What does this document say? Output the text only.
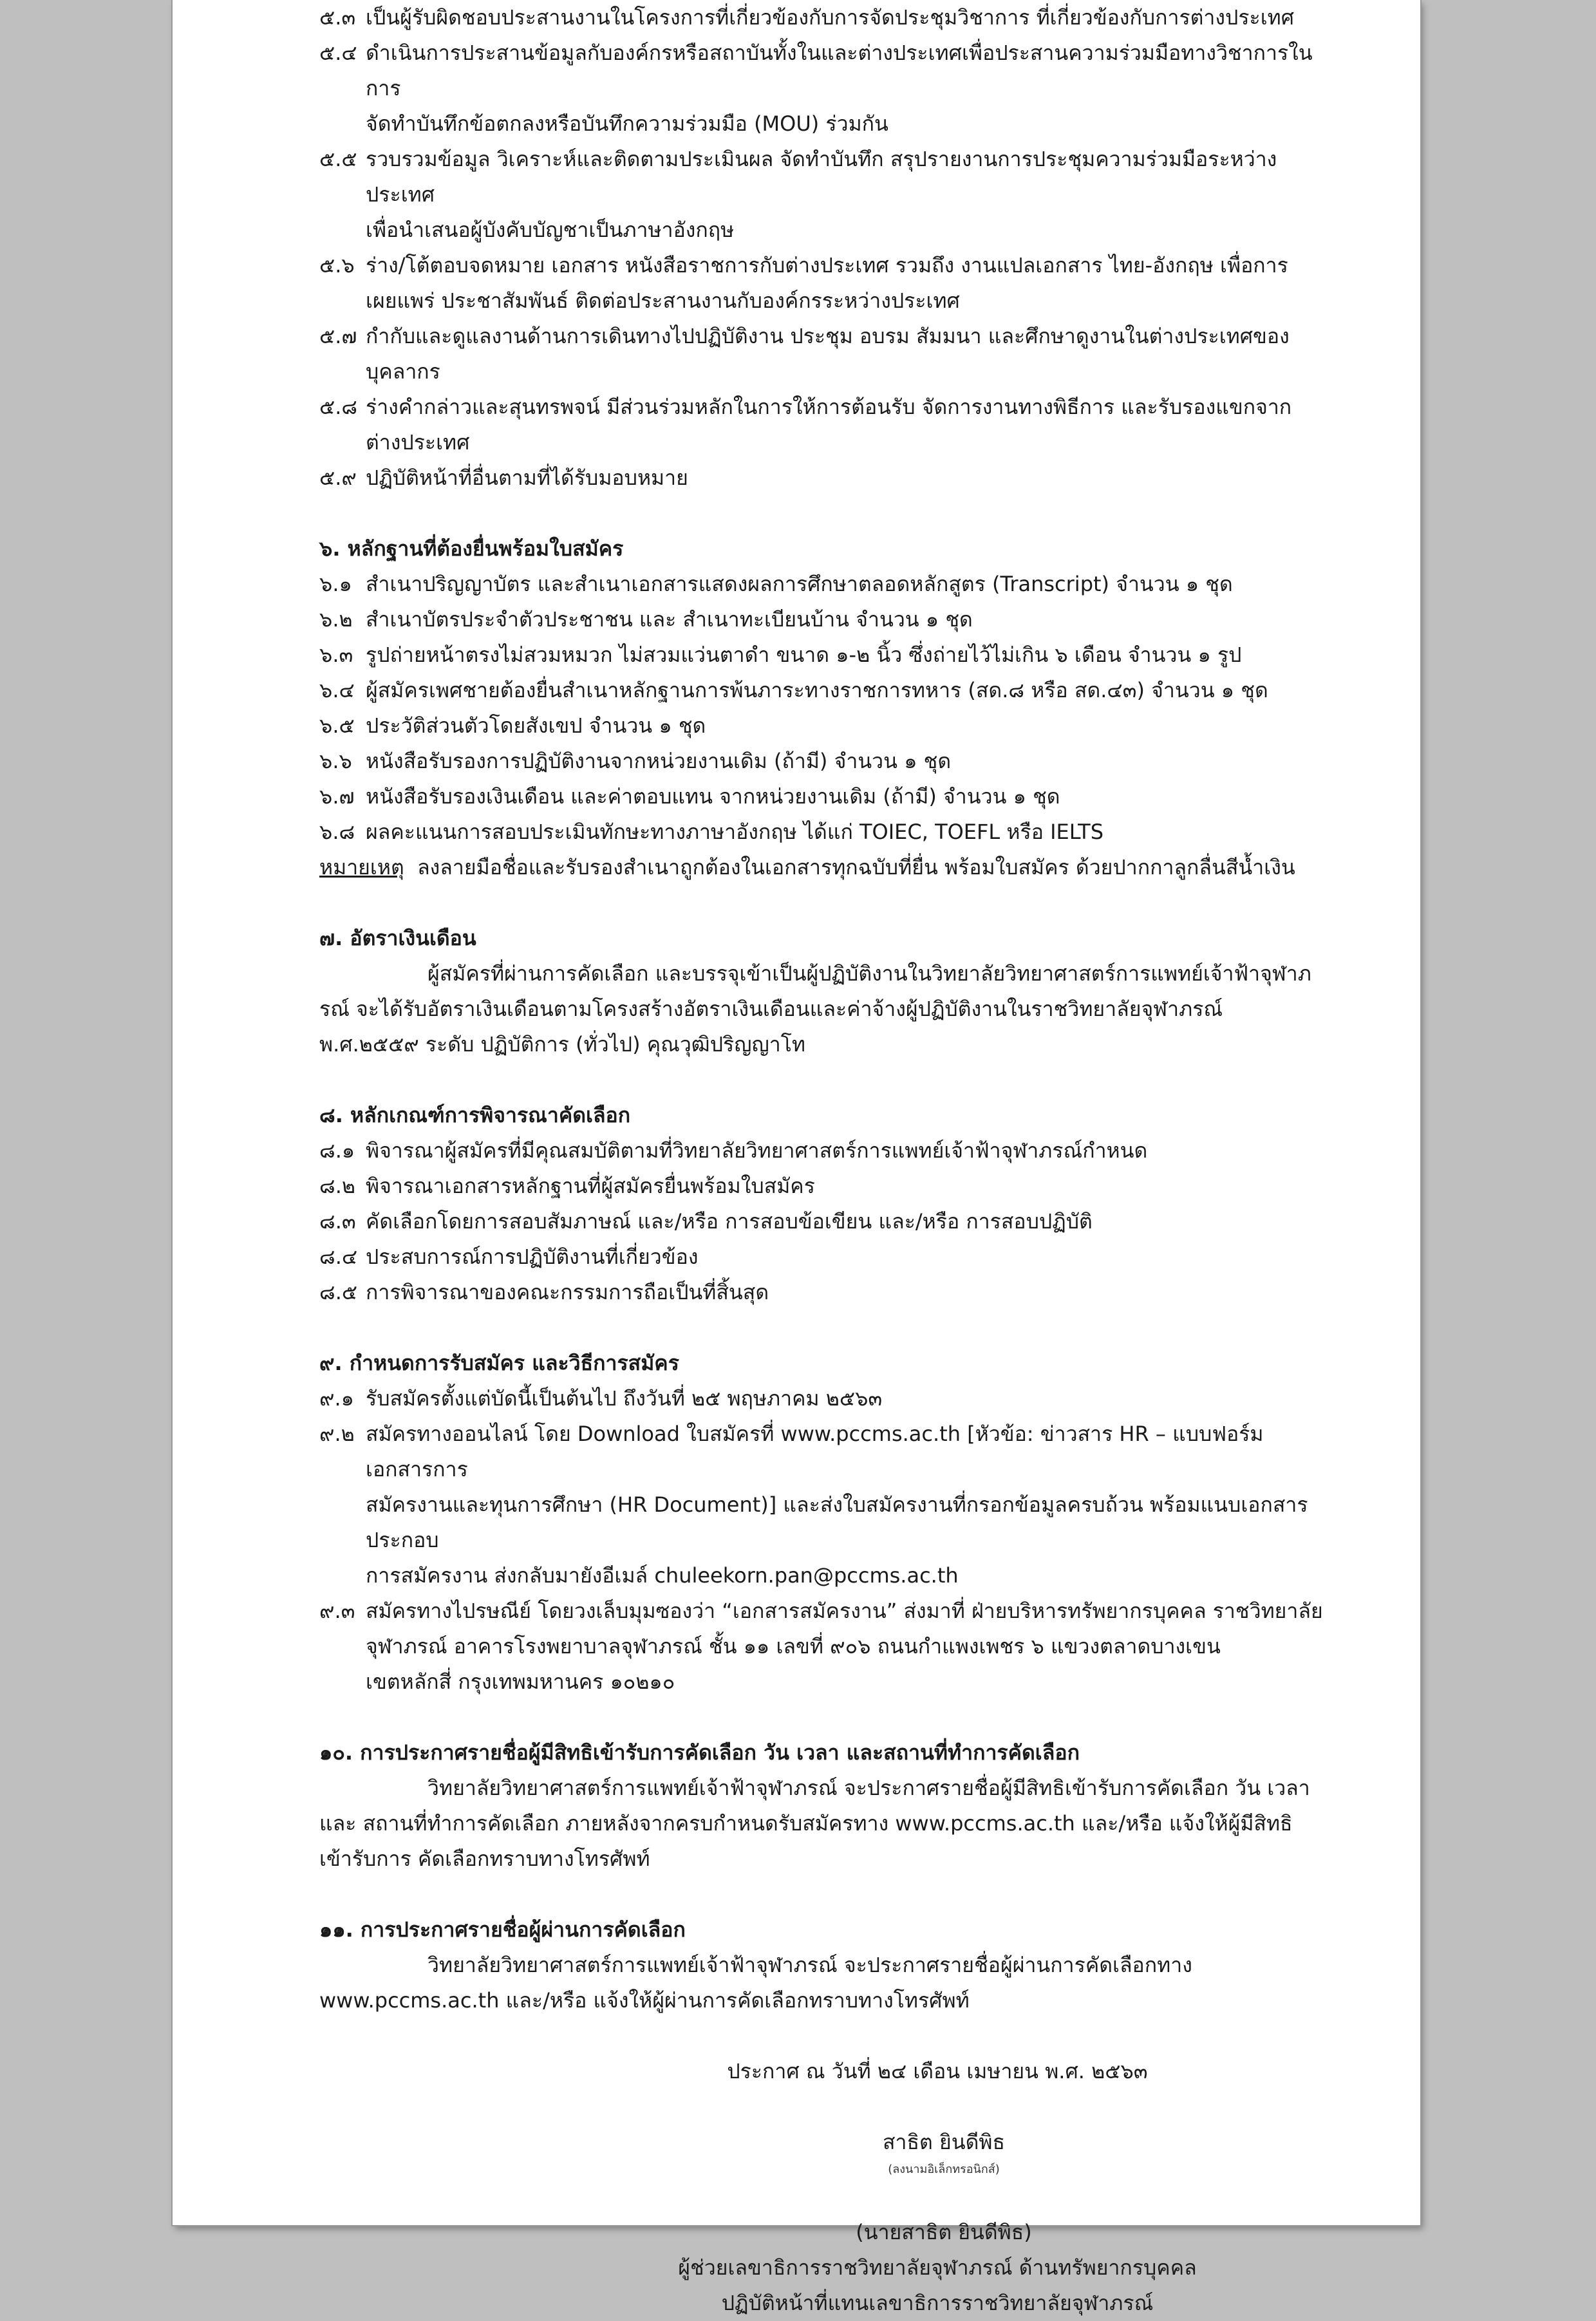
๕.๓ เป็นผู้รับผิดชอบประสานงานในโครงการที่เกี่ยวข้องกับการจัดประชุมวิชาการ ที่เกี่ยวข้องกับการต่างประเทศ
๕.๔ ดำเนินการประสานข้อมูลกับองค์กรหรือสถาบันทั้งในและต่างประเทศเพื่อประสานความร่วมมือทางวิชาการในการ
จัดทำบันทึกข้อตกลงหรือบันทึกความร่วมมือ (MOU) ร่วมกัน
๕.๕ รวบรวมข้อมูล วิเคราะห์และติดตามประเมินผล จัดทำบันทึก สรุปรายงานการประชุมความร่วมมือระหว่างประเทศ
เพื่อนำเสนอผู้บังคับบัญชาเป็นภาษาอังกฤษ
๕.๖ ร่าง/โต้ตอบจดหมาย เอกสาร หนังสือราชการกับต่างประเทศ รวมถึง งานแปลเอกสาร ไทย-อังกฤษ เพื่อการ
เผยแพร่ ประชาสัมพันธ์ ติดต่อประสานงานกับองค์กรระหว่างประเทศ
๕.๗ กำกับและดูแลงานด้านการเดินทางไปปฏิบัติงาน ประชุม อบรม สัมมนา และศึกษาดูงานในต่างประเทศของบุคลากร
๕.๘ ร่างคำกล่าวและสุนทรพจน์ มีส่วนร่วมหลักในการให้การต้อนรับ จัดการงานทางพิธีการ และรับรองแขกจาก
ต่างประเทศ
๕.๙ ปฏิบัติหน้าที่อื่นตามที่ได้รับมอบหมาย
๖. หลักฐานที่ต้องยื่นพร้อมใบสมัคร
๖.๑ สำเนาปริญญาบัตร และสำเนาเอกสารแสดงผลการศึกษาตลอดหลักสูตร (Transcript) จำนวน ๑ ชุด
๖.๒ สำเนาบัตรประจำตัวประชาชน และ สำเนาทะเบียนบ้าน จำนวน ๑ ชุด
๖.๓ รูปถ่ายหน้าตรงไม่สวมหมวก ไม่สวมแว่นตาดำ ขนาด ๑-๒ นิ้ว ซึ่งถ่ายไว้ไม่เกิน ๖ เดือน จำนวน ๑ รูป
๖.๔ ผู้สมัครเพศชายต้องยื่นสำเนาหลักฐานการพ้นภาระทางราชการทหาร (สด.๘ หรือ สด.๔๓) จำนวน ๑ ชุด
๖.๕ ประวัติส่วนตัวโดยสังเขป จำนวน ๑ ชุด
๖.๖ หนังสือรับรองการปฏิบัติงานจากหน่วยงานเดิม (ถ้ามี) จำนวน ๑ ชุด
๖.๗ หนังสือรับรองเงินเดือน และค่าตอบแทน จากหน่วยงานเดิม (ถ้ามี) จำนวน ๑ ชุด
๖.๘ ผลคะแนนการสอบประเมินทักษะทางภาษาอังกฤษ ได้แก่ TOIEC, TOEFL หรือ IELTS
หมายเหตุ  ลงลายมือชื่อและรับรองสำเนาถูกต้องในเอกสารทุกฉบับที่ยื่น พร้อมใบสมัคร ด้วยปากกาลูกลื่นสีน้ำเงิน
๗. อัตราเงินเดือน
ผู้สมัครที่ผ่านการคัดเลือก และบรรจุเข้าเป็นผู้ปฏิบัติงานในวิทยาลัยวิทยาศาสตร์การแพทย์เจ้าฟ้าจุฬาภรณ์ จะได้รับอัตราเงินเดือนตามโครงสร้างอัตราเงินเดือนและค่าจ้างผู้ปฏิบัติงานในราชวิทยาลัยจุฬาภรณ์ พ.ศ.๒๕๕๙ ระดับ ปฏิบัติการ (ทั่วไป) คุณวุฒิปริญญาโท
๘. หลักเกณฑ์การพิจารณาคัดเลือก
๘.๑ พิจารณาผู้สมัครที่มีคุณสมบัติตามที่วิทยาลัยวิทยาศาสตร์การแพทย์เจ้าฟ้าจุฬาภรณ์กำหนด
๘.๒ พิจารณาเอกสารหลักฐานที่ผู้สมัครยื่นพร้อมใบสมัคร
๘.๓ คัดเลือกโดยการสอบสัมภาษณ์ และ/หรือ การสอบข้อเขียน และ/หรือ การสอบปฏิบัติ
๘.๔ ประสบการณ์การปฏิบัติงานที่เกี่ยวข้อง
๘.๕ การพิจารณาของคณะกรรมการถือเป็นที่สิ้นสุด
๙. กำหนดการรับสมัคร และวิธีการสมัคร
๙.๑ รับสมัครตั้งแต่บัดนี้เป็นต้นไป ถึงวันที่ ๒๕ พฤษภาคม ๒๕๖๓
๙.๒ สมัครทางออนไลน์ โดย Download ใบสมัครที่ www.pccms.ac.th [หัวข้อ: ข่าวสาร HR – แบบฟอร์มเอกสารการ
สมัครงานและทุนการศึกษา (HR Document)] และส่งใบสมัครงานที่กรอกข้อมูลครบถ้วน พร้อมแนบเอกสารประกอบ
การสมัครงาน ส่งกลับมายังอีเมล์ chuleekorn.pan@pccms.ac.th
๙.๓ สมัครทางไปรษณีย์ โดยวงเล็บมุมซองว่า “เอกสารสมัครงาน” ส่งมาที่ ฝ่ายบริหารทรัพยากรบุคคล ราชวิทยาลัย
จุฬาภรณ์ อาคารโรงพยาบาลจุฬาภรณ์ ชั้น ๑๑ เลขที่ ๙๐๖ ถนนกำแพงเพชร ๖ แขวงตลาดบางเขน
เขตหลักสี่ กรุงเทพมหานคร ๑๐๒๑๐
๑๐. การประกาศรายชื่อผู้มีสิทธิเข้ารับการคัดเลือก วัน เวลา และสถานที่ทำการคัดเลือก
วิทยาลัยวิทยาศาสตร์การแพทย์เจ้าฟ้าจุฬาภรณ์ จะประกาศรายชื่อผู้มีสิทธิเข้ารับการคัดเลือก วัน เวลา และ สถานที่ทำการคัดเลือก ภายหลังจากครบกำหนดรับสมัครทาง www.pccms.ac.th และ/หรือ แจ้งให้ผู้มีสิทธิเข้ารับการ คัดเลือกทราบทางโทรศัพท์
๑๑. การประกาศรายชื่อผู้ผ่านการคัดเลือก
วิทยาลัยวิทยาศาสตร์การแพทย์เจ้าฟ้าจุฬาภรณ์ จะประกาศรายชื่อผู้ผ่านการคัดเลือกทาง www.pccms.ac.th และ/หรือ แจ้งให้ผู้ผ่านการคัดเลือกทราบทางโทรศัพท์
ประกาศ ณ วันที่ ๒๔ เดือน เมษายน พ.ศ. ๒๕๖๓
สาธิต ยินดีพิธ
(ลงนามอิเล็กทรอนิกส์)
(นายสาธิต ยินดีพิธ)
ผู้ช่วยเลขาธิการราชวิทยาลัยจุฬาภรณ์ ด้านทรัพยากรบุคคล
ปฏิบัติหน้าที่แทนเลขาธิการราชวิทยาลัยจุฬาภรณ์
